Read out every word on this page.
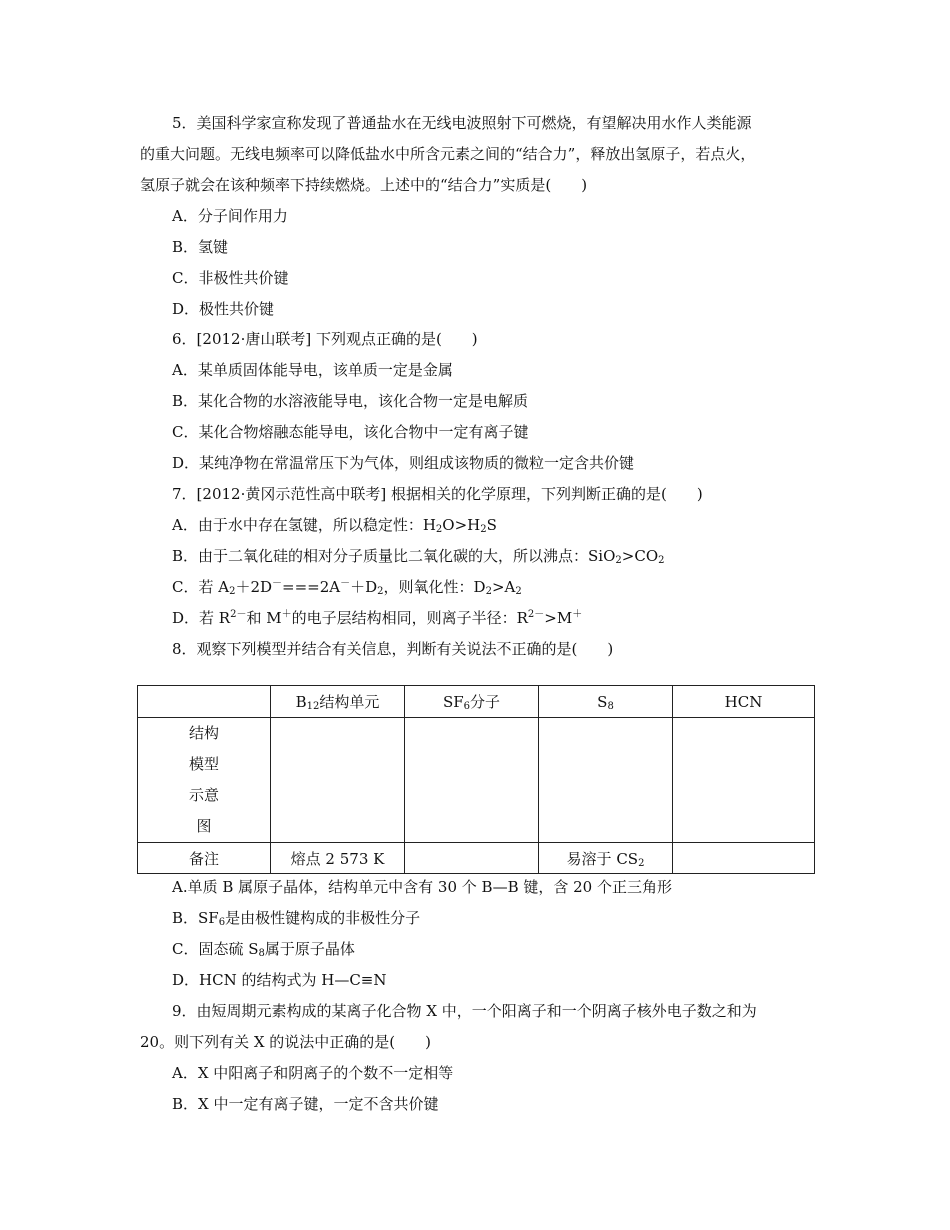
5．美国科学家宣称发现了普通盐水在无线电波照射下可燃烧，有望解决用水作人类能源
的重大问题。无线电频率可以降低盐水中所含元素之间的“结合力”，释放出氢原子，若点火，
氢原子就会在该种频率下持续燃烧。上述中的“结合力”实质是(　　)
A．分子间作用力
B．氢键
C．非极性共价键
D．极性共价键
6．[2012·唐山联考] 下列观点正确的是(　　)
A．某单质固体能导电，该单质一定是金属
B．某化合物的水溶液能导电，该化合物一定是电解质
C．某化合物熔融态能导电，该化合物中一定有离子键
D．某纯净物在常温常压下为气体，则组成该物质的微粒一定含共价键
7．[2012·黄冈示范性高中联考] 根据相关的化学原理，下列判断正确的是(　　)
A．由于水中存在氢键，所以稳定性：$H_2O>H_2S$
B．由于二氧化硅的相对分子质量比二氧化碳的大，所以沸点：$SiO_2>CO_2$
C．若 $A_2+2D^-===2A^-+D_2$，则氧化性：$D_2>A_2$
D．若 $R^{2-}$和 M＋的电子层结构相同，则离子半径：$R^{2-}>M^+$
8．观察下列模型并结合有关信息，判断有关说法不正确的是(　　)
	$B_{12}$结构单元	$SF_6$分子	$S_8$	HCN

结构
模型
示意
图				

备注	熔点 2 573 K		易溶于 $CS_2$	
A.单质 B 属原子晶体，结构单元中含有 30 个 B—B 键，含 20 个正三角形
B．$SF_6$是由极性键构成的非极性分子
C．固态硫 $S_8$属于原子晶体
D．HCN 的结构式为 H—C≡N
9．由短周期元素构成的某离子化合物 X 中，一个阳离子和一个阴离子核外电子数之和为
20。则下列有关 X 的说法中正确的是(　　)
A．X 中阳离子和阴离子的个数不一定相等
B．X 中一定有离子键，一定不含共价键
